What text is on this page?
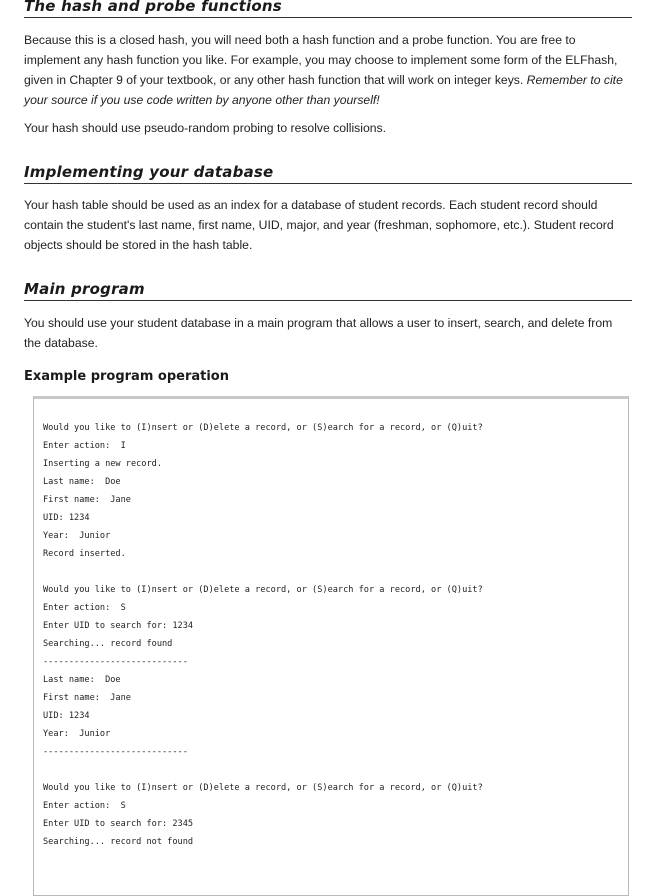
The hash and probe functions

Because this is a closed hash, you will need both a hash function and a probe function. You are free to implement any hash function you like. For example, you may choose to implement some form of the ELFhash, given in Chapter 9 of your textbook, or any other hash function that will work on integer keys. Remember to cite your source if you use code written by anyone other than yourself!

Your hash should use pseudo-random probing to resolve collisions.

Implementing your database

Your hash table should be used as an index for a database of student records. Each student record should contain the student's last name, first name, UID, major, and year (freshman, sophomore, etc.). Student record objects should be stored in the hash table.

Main program

You should use your student database in a main program that allows a user to insert, search, and delete from the database.

Example program operation
Would you like to (I)nsert or (D)elete a record, or (S)earch for a record, or (Q)uit?
Enter action:  I
Inserting a new record.
Last name:  Doe
First name:  Jane
UID: 1234
Year:  Junior
Record inserted.
Would you like to (I)nsert or (D)elete a record, or (S)earch for a record, or (Q)uit?
Enter action:  S
Enter UID to search for: 1234
Searching... record found
----------------------------
Last name:  Doe
First name:  Jane
UID: 1234
Year:  Junior
----------------------------
Would you like to (I)nsert or (D)elete a record, or (S)earch for a record, or (Q)uit?
Enter action:  S
Enter UID to search for: 2345
Searching... record not found
